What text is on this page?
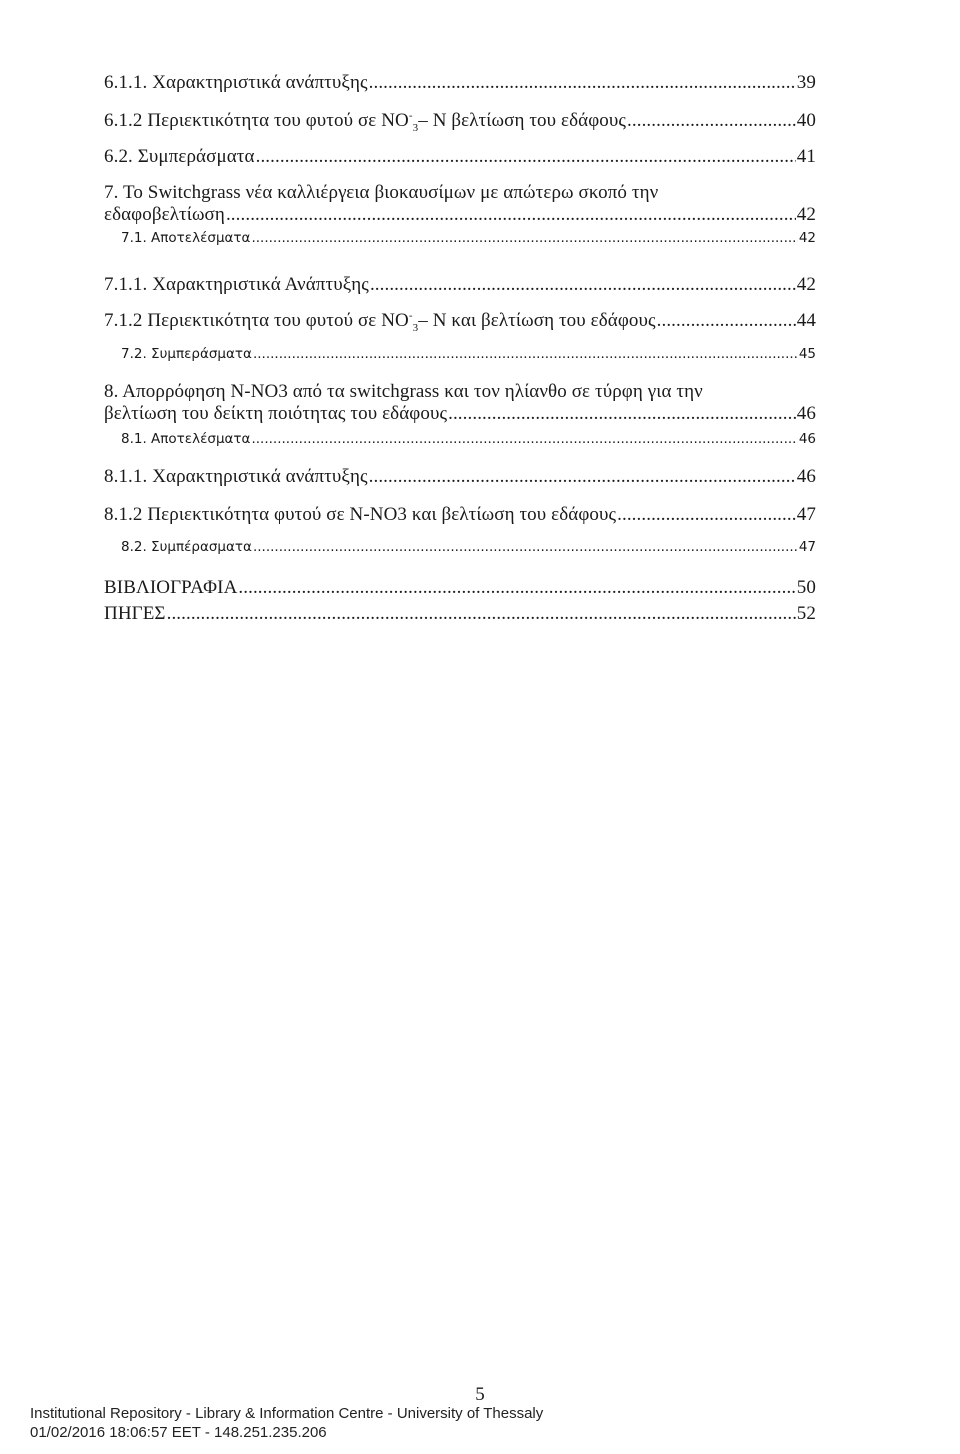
6.1.1. Χαρακτηριστικά ανάπτυξης .....	39
6.1.2 Περιεκτικότητα του φυτού σε $NO^-_3-$ N βελτίωση του εδάφους .....	40
6.2. Συμπεράσματα .....	41
7. Το Switchgrass νέα καλλιέργεια βιοκαυσίμων με απώτερω σκοπό την
εδαφοβελτίωση .....	42
7.1. Αποτελέσματα .....	42
7.1.1. Χαρακτηριστικά Ανάπτυξης .....	42
7.1.2 Περιεκτικότητα του φυτού σε $NO^-_3-$ N και βελτίωση του εδάφους .....	44
7.2. Συμπεράσματα .....	45
8. Απορρόφηση N-NO3 από τα switchgrass και τον ηλίανθο σε τύρφη για την
βελτίωση του δείκτη ποιότητας του εδάφους .....	46
8.1. Αποτελέσματα .....	46
8.1.1. Χαρακτηριστικά ανάπτυξης .....	46
8.1.2 Περιεκτικότητα φυτού σε N-NO3 και βελτίωση του εδάφους .....	47
8.2. Συμπέρασματα .....	47
ΒΙΒΛΙΟΓΡΑΦΙΑ .....	50
ΠΗΓΕΣ .....	52
5
Institutional Repository - Library & Information Centre - University of Thessaly
01/02/2016 18:06:57 EET - 148.251.235.206
